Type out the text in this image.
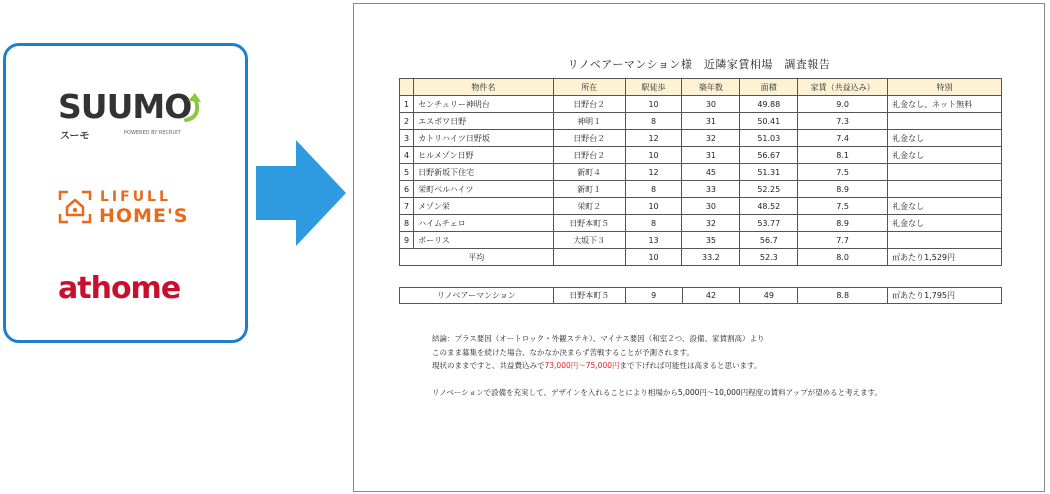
SUUMO
スーモ	POWERED BY RECRUIT
LIFULL
HOME'S
athome
リノベアーマンション様　近隣家賃相場　調査報告
	物件名	所在	駅徒歩	築年数	面積	家賃（共益込み）	特別
1	センチュリー神明台	日野台２	10	30	49.88	9.0	礼金なし、ネット無料
2	エスポワ日野	神明１	8	31	50.41	7.3	
3	カトリハイツ日野坂	日野台２	12	32	51.03	7.4	礼金なし
4	ヒルメゾン日野	日野台２	10	31	56.67	8.1	礼金なし
5	日野新坂下住宅	新町４	12	45	51.31	7.5	
6	栄町ベルハイツ	新町１	8	33	52.25	8.9	
7	メゾン栄	栄町２	10	30	48.52	7.5	礼金なし
8	ハイムチェロ	日野本町５	8	32	53.77	8.9	礼金なし
9	ボーリス	大坂下３	13	35	56.7	7.7	
平均			10	33.2	52.3	8.0	㎡あたり1,529円
リノベアーマンション	日野本町５	9	42	49	8.8	㎡あたり1,795円

結論：プラス要因（オートロック・外観ステキ）、マイナス要因（和室２つ、設備、家賃割高）より

このまま募集を続けた場合、なかなか決まらず苦戦することが予測されます。

現状のままですと、共益費込みで73,000円～75,000円まで下げれば可能性は高まると思います。

リノベーションで設備を充実して、デザインを入れることにより相場から5,000円～10,000円程度の賃料アップが望めると考えます。
